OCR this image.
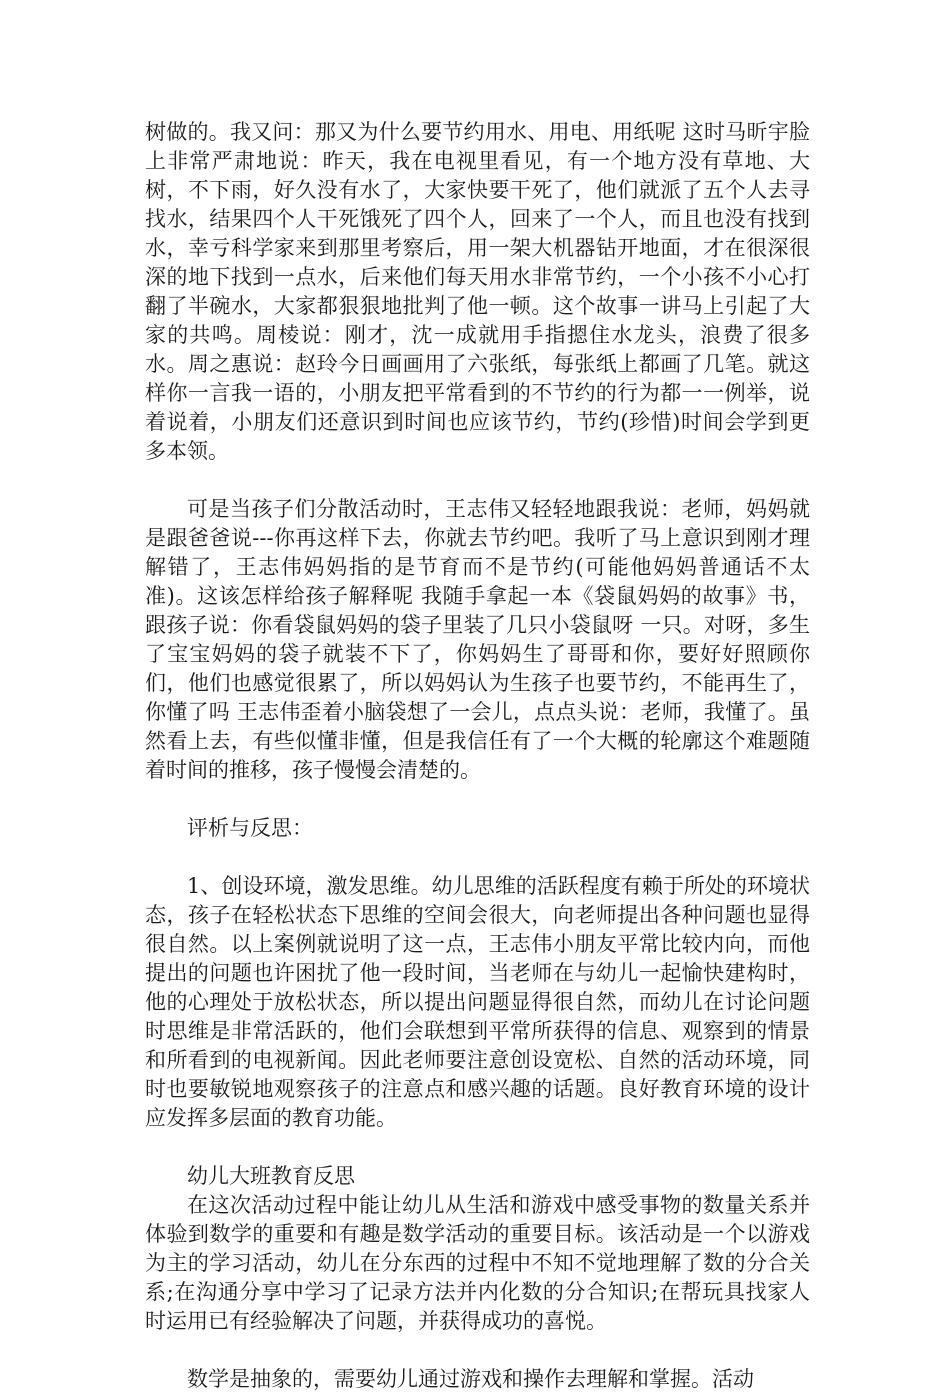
树做的。我又问：那又为什么要节约用水、用电、用纸呢 这时马昕宇脸上非常严肃地说：昨天，我在电视里看见，有一个地方没有草地、大树，不下雨，好久没有水了，大家快要干死了，他们就派了五个人去寻找水，结果四个人干死饿死了四个人，回来了一个人，而且也没有找到水，幸亏科学家来到那里考察后，用一架大机器钻开地面，才在很深很深的地下找到一点水，后来他们每天用水非常节约，一个小孩不小心打翻了半碗水，大家都狠狠地批判了他一顿。这个故事一讲马上引起了大家的共鸣。周棱说：刚才，沈一成就用手指摁住水龙头，浪费了很多水。周之惠说：赵玲今日画画用了六张纸，每张纸上都画了几笔。就这样你一言我一语的，小朋友把平常看到的不节约的行为都一一例举，说着说着，小朋友们还意识到时间也应该节约，节约(珍惜)时间会学到更多本领。

可是当孩子们分散活动时，王志伟又轻轻地跟我说：老师，妈妈就是跟爸爸说---你再这样下去，你就去节约吧。我听了马上意识到刚才理解错了，王志伟妈妈指的是节育而不是节约(可能他妈妈普通话不太准)。这该怎样给孩子解释呢 我随手拿起一本《袋鼠妈妈的故事》书，跟孩子说：你看袋鼠妈妈的袋子里装了几只小袋鼠呀 一只。对呀，多生了宝宝妈妈的袋子就装不下了，你妈妈生了哥哥和你，要好好照顾你们，他们也感觉很累了，所以妈妈认为生孩子也要节约，不能再生了，你懂了吗 王志伟歪着小脑袋想了一会儿，点点头说：老师，我懂了。虽然看上去，有些似懂非懂，但是我信任有了一个大概的轮廓这个难题随着时间的推移，孩子慢慢会清楚的。

评析与反思：

1、创设环境，激发思维。幼儿思维的活跃程度有赖于所处的环境状态，孩子在轻松状态下思维的空间会很大，向老师提出各种问题也显得很自然。以上案例就说明了这一点，王志伟小朋友平常比较内向，而他提出的问题也许困扰了他一段时间，当老师在与幼儿一起愉快建构时，他的心理处于放松状态，所以提出问题显得很自然，而幼儿在讨论问题时思维是非常活跃的，他们会联想到平常所获得的信息、观察到的情景和所看到的电视新闻。因此老师要注意创设宽松、自然的活动环境，同时也要敏锐地观察孩子的注意点和感兴趣的话题。良好教育环境的设计应发挥多层面的教育功能。

幼儿大班教育反思

在这次活动过程中能让幼儿从生活和游戏中感受事物的数量关系并体验到数学的重要和有趣是数学活动的重要目标。该活动是一个以游戏为主的学习活动，幼儿在分东西的过程中不知不觉地理解了数的分合关系;在沟通分享中学习了记录方法并内化数的分合知识;在帮玩具找家人时运用已有经验解决了问题，并获得成功的喜悦。

数学是抽象的，需要幼儿通过游戏和操作去理解和掌握。活动
